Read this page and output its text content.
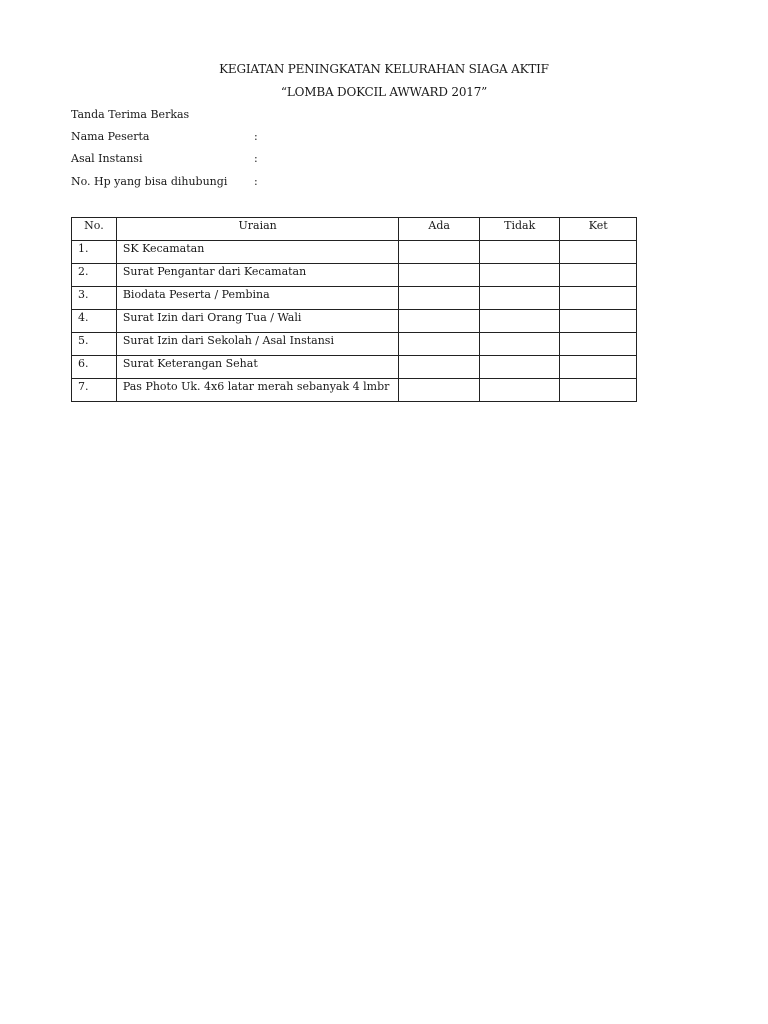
KEGIATAN PENINGKATAN KELURAHAN SIAGA AKTIF
“LOMBA DOKCIL AWWARD 2017”
Tanda Terima Berkas
Nama Peserta	:
Asal Instansi	:
No. Hp yang bisa dihubungi :
No.	Uraian	Ada	Tidak	Ket
1.	SK Kecamatan			
2.	Surat Pengantar dari Kecamatan			
3.	Biodata Peserta / Pembina			
4.	Surat Izin dari Orang Tua / Wali			
5.	Surat Izin dari Sekolah / Asal Instansi			
6.	Surat Keterangan Sehat			
7.	Pas Photo Uk. 4x6 latar merah sebanyak 4 lmbr			
